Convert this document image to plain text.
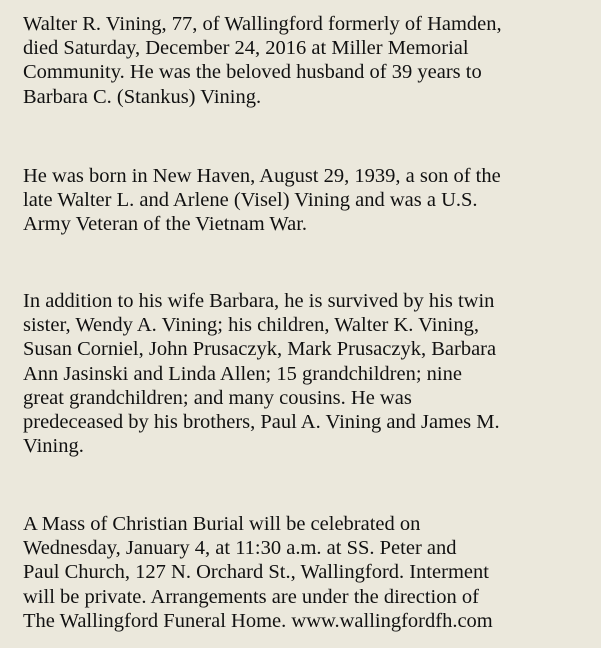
Walter R. Vining, 77, of Wallingford formerly of Hamden,
died Saturday, December 24, 2016 at Miller Memorial
Community. He was the beloved husband of 39 years to
Barbara C. (Stankus) Vining.

He was born in New Haven, August 29, 1939, a son of the
late Walter L. and Arlene (Visel) Vining and was a U.S.
Army Veteran of the Vietnam War.

In addition to his wife Barbara, he is survived by his twin
sister, Wendy A. Vining; his children, Walter K. Vining,
Susan Corniel, John Prusaczyk, Mark Prusaczyk, Barbara
Ann Jasinski and Linda Allen; 15 grandchildren; nine
great grandchildren; and many cousins. He was
predeceased by his brothers, Paul A. Vining and James M.
Vining.

A Mass of Christian Burial will be celebrated on
Wednesday, January 4, at 11:30 a.m. at SS. Peter and
Paul Church, 127 N. Orchard St., Wallingford. Interment
will be private. Arrangements are under the direction of
The Wallingford Funeral Home. www.wallingfordfh.com
